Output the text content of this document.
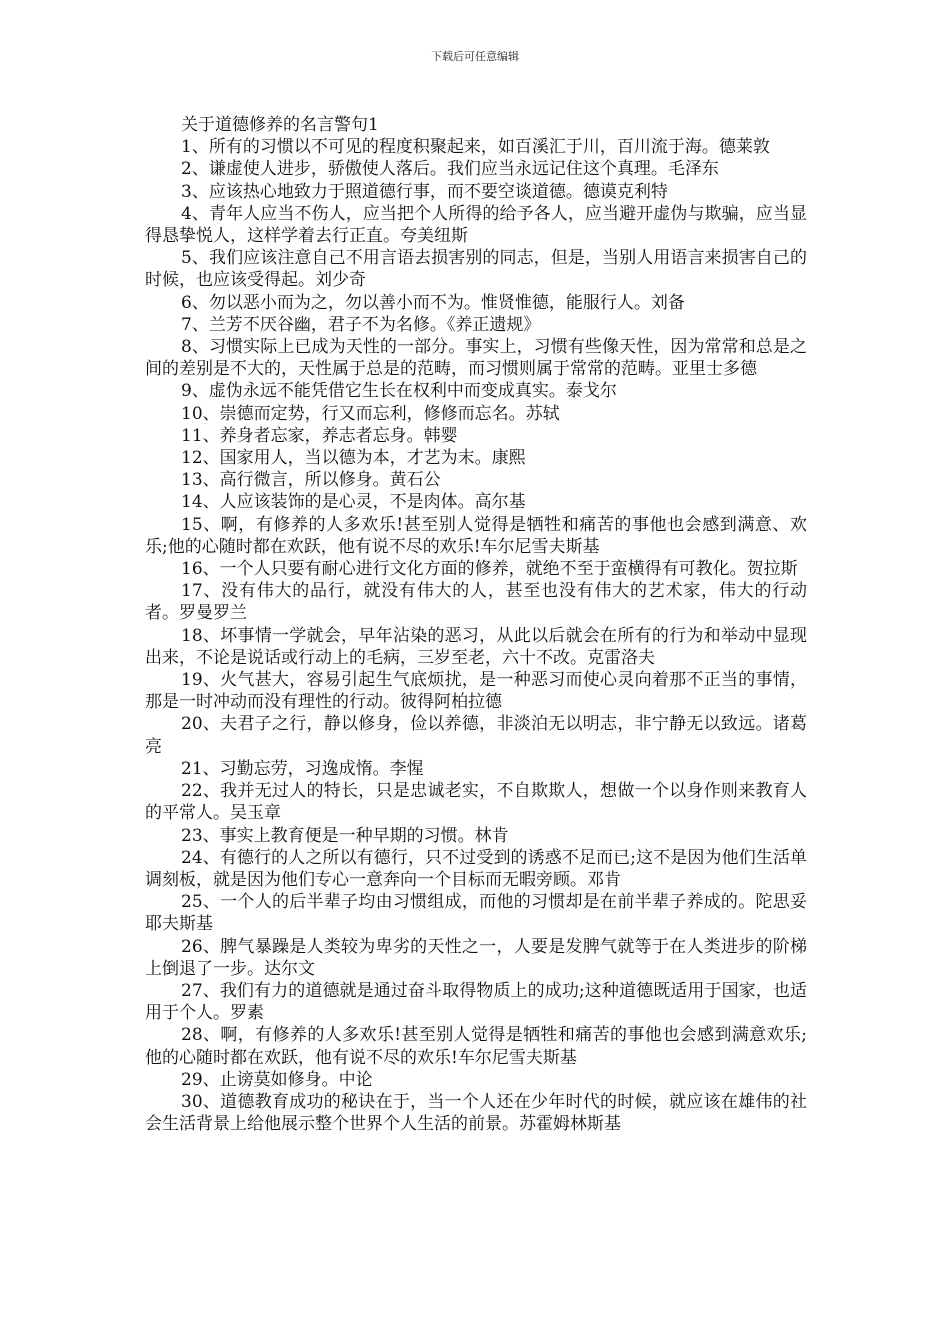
下载后可任意编辑
关于道德修养的名言警句1

1、所有的习惯以不可见的程度积聚起来，如百溪汇于川，百川流于海。德莱敦

2、谦虚使人进步，骄傲使人落后。我们应当永远记住这个真理。毛泽东

3、应该热心地致力于照道德行事，而不要空谈道德。德谟克利特

4、青年人应当不伤人，应当把个人所得的给予各人，应当避开虚伪与欺骗，应当显得恳挚悦人，这样学着去行正直。夸美纽斯

5、我们应该注意自己不用言语去损害别的同志，但是，当别人用语言来损害自己的时候，也应该受得起。刘少奇

6、勿以恶小而为之，勿以善小而不为。惟贤惟德，能服行人。刘备

7、兰芳不厌谷幽，君子不为名修。《养正遗规》

8、习惯实际上已成为天性的一部分。事实上，习惯有些像天性，因为常常和总是之间的差别是不大的，天性属于总是的范畴，而习惯则属于常常的范畴。亚里士多德

9、虚伪永远不能凭借它生长在权利中而变成真实。泰戈尔

10、崇德而定势，行又而忘利，修修而忘名。苏轼

11、养身者忘家，养志者忘身。韩婴

12、国家用人，当以德为本，才艺为末。康熙

13、高行微言，所以修身。黄石公

14、人应该装饰的是心灵，不是肉体。高尔基

15、啊，有修养的人多欢乐!甚至别人觉得是牺牲和痛苦的事他也会感到满意、欢乐;他的心随时都在欢跃，他有说不尽的欢乐!车尔尼雪夫斯基

16、一个人只要有耐心进行文化方面的修养，就绝不至于蛮横得有可教化。贺拉斯

17、没有伟大的品行，就没有伟大的人，甚至也没有伟大的艺术家，伟大的行动者。罗曼罗兰

18、坏事情一学就会，早年沾染的恶习，从此以后就会在所有的行为和举动中显现出来，不论是说话或行动上的毛病，三岁至老，六十不改。克雷洛夫

19、火气甚大，容易引起生气底烦扰，是一种恶习而使心灵向着那不正当的事情，那是一时冲动而没有理性的行动。彼得阿柏拉德

20、夫君子之行，静以修身，俭以养德，非淡泊无以明志，非宁静无以致远。诸葛亮

21、习勤忘劳，习逸成惰。李惺

22、我并无过人的特长，只是忠诚老实，不自欺欺人，想做一个以身作则来教育人的平常人。吴玉章

23、事实上教育便是一种早期的习惯。林肯

24、有德行的人之所以有德行，只不过受到的诱惑不足而已;这不是因为他们生活单调刻板，就是因为他们专心一意奔向一个目标而无暇旁顾。邓肯

25、一个人的后半辈子均由习惯组成，而他的习惯却是在前半辈子养成的。陀思妥耶夫斯基

26、脾气暴躁是人类较为卑劣的天性之一，人要是发脾气就等于在人类进步的阶梯上倒退了一步。达尔文

27、我们有力的道德就是通过奋斗取得物质上的成功;这种道德既适用于国家，也适用于个人。罗素

28、啊，有修养的人多欢乐!甚至别人觉得是牺牲和痛苦的事他也会感到满意欢乐;他的心随时都在欢跃，他有说不尽的欢乐!车尔尼雪夫斯基

29、止谤莫如修身。中论

30、道德教育成功的秘诀在于，当一个人还在少年时代的时候，就应该在雄伟的社会生活背景上给他展示整个世界个人生活的前景。苏霍姆林斯基
